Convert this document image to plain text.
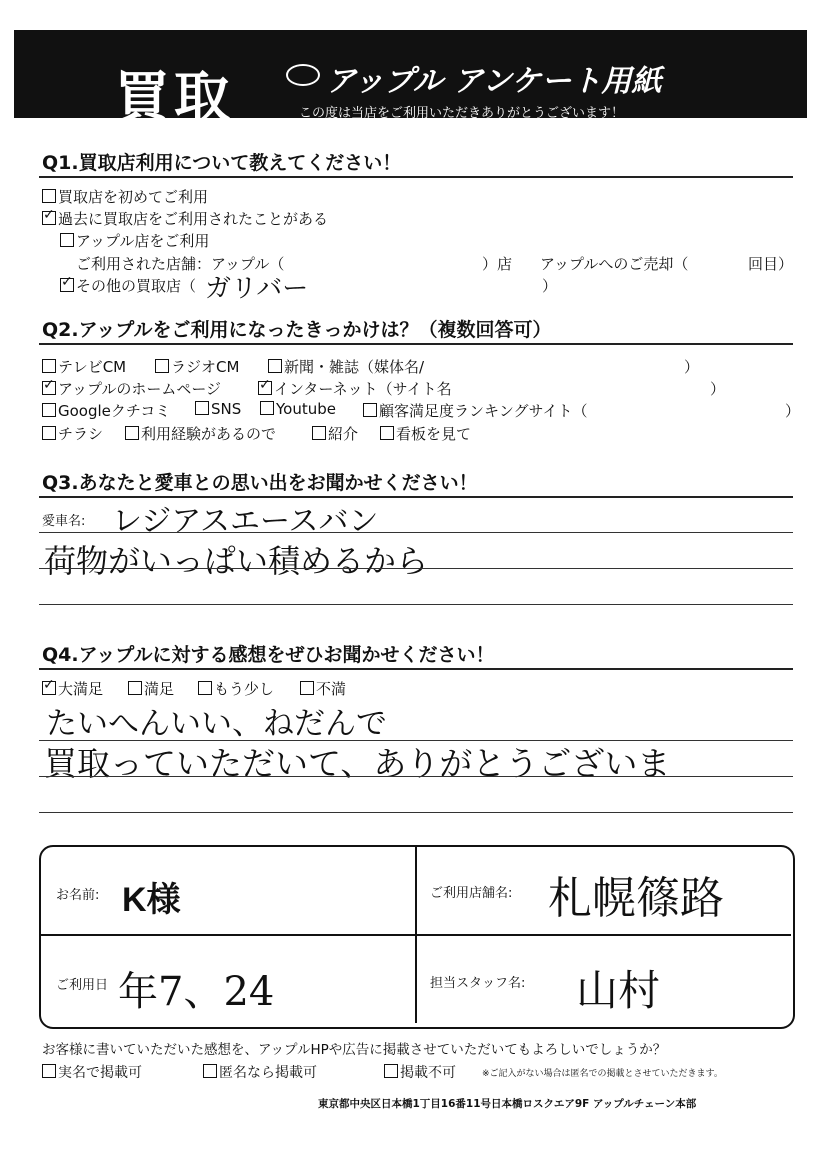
買取	アップル アンケート用紙
この度は当店をご利用いただきありがとうございます！
Q1.買取店利用について教えてください！
買取店を初めてご利用
✓過去に買取店をご利用されたことがある
アップル店をご利用
ご利用された店舗：アップル（	）店 アップルへのご売却（	回目）
✓その他の買取店（ ガリバー	）
Q2.アップルをご利用になったきっかけは？（複数回答可）
テレビCM	ラジオCM	新聞・雑誌（媒体名/	）
✓アップルのホームページ
✓	インターネット（サイト名	）
Googleクチコミ	SNS	Youtube	顧客満足度ランキングサイト（	）
チラシ	利用経験があるので	紹介	看板を見て
Q3.あなたと愛車との思い出をお聞かせください！
愛車名: レジアスエースバン
荷物がいっぱい積めるから
Q4.アップルに対する感想をぜひお聞かせください！
✓大満足	満足	もう少し	不満
たいへんいい、ねだんで
買取っていただいて、ありがとうございま
お名前: K様	ご利用店舗名: 札幌篠路
ご利用日 年7、24	担当スタッフ名: 山村
お客様に書いていただいた感想を、アップルHPや広告に掲載させていただいてもよろしいでしょうか？
実名で掲載可	匿名なら掲載可	掲載不可	※ご記入がない場合は匿名での掲載とさせていただきます。
東京都中央区日本橋1丁目16番11号日本橋ロスクエア9F アップルチェーン本部
